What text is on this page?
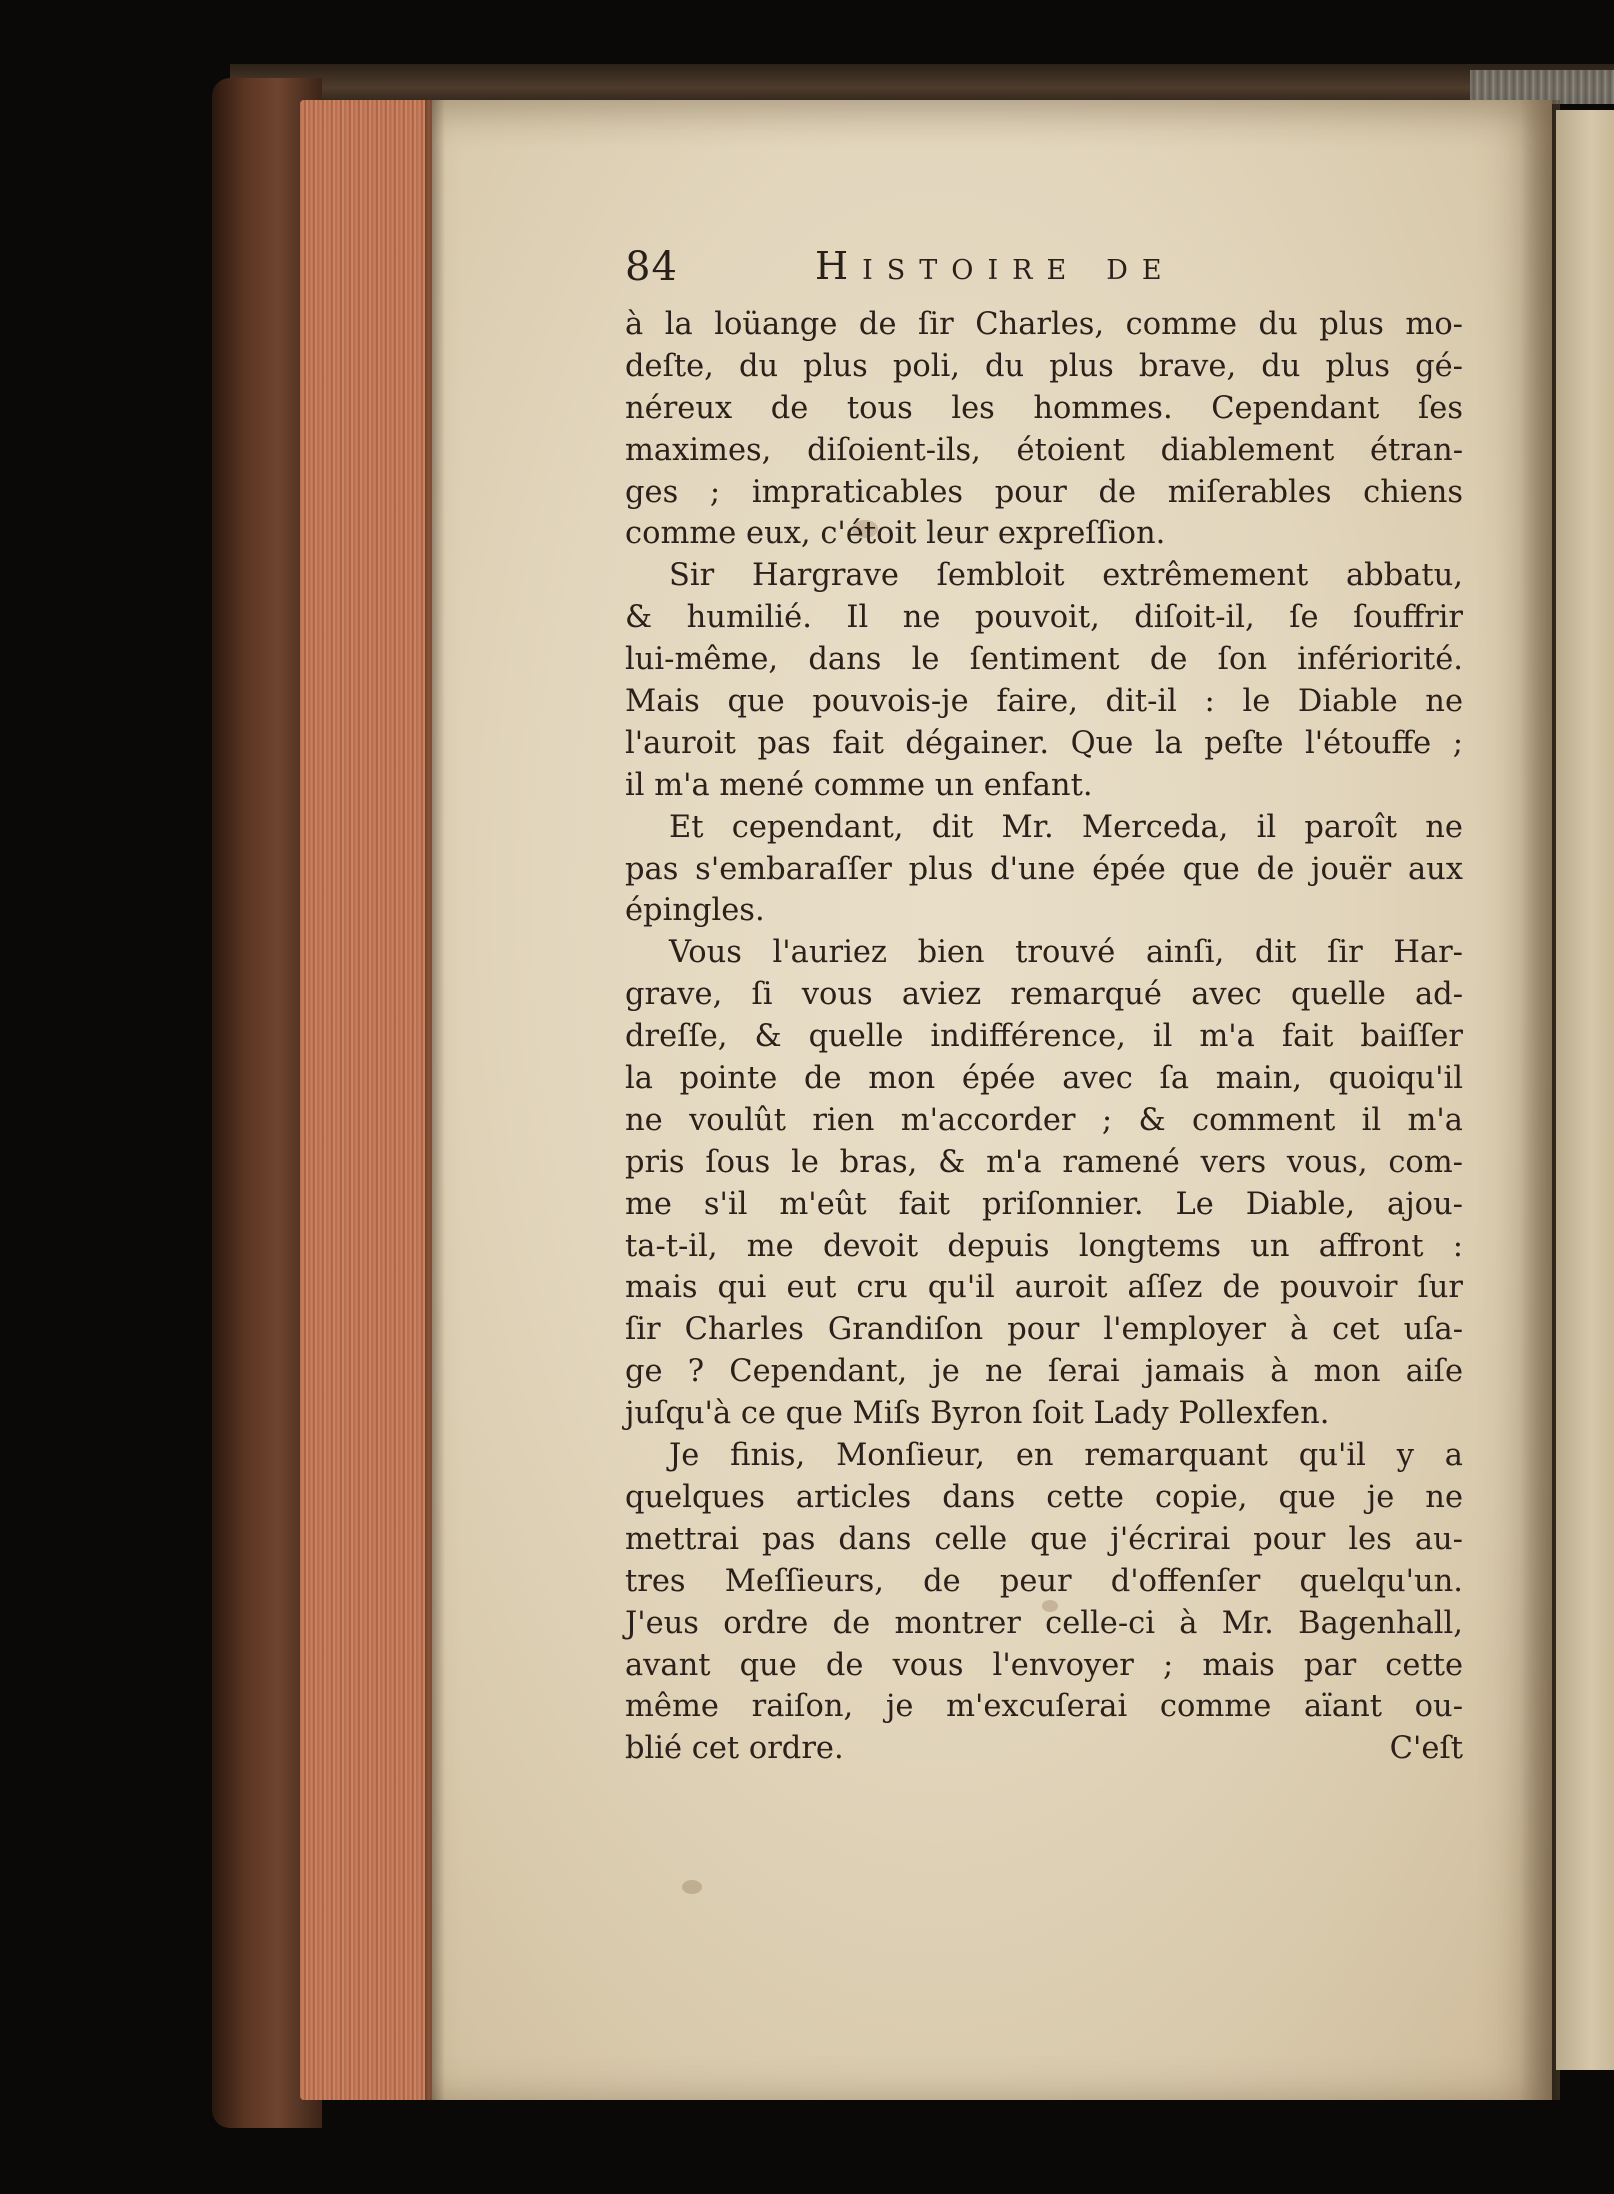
84	Histoire de
à la loüange de ſir Charles, comme du plus mo-
deſte, du plus poli, du plus brave, du plus gé-
néreux de tous les hommes. Cependant ſes
maximes, diſoient-ils, étoient diablement étran-
ges ; impraticables pour de miſerables chiens
comme eux, c'étoit leur expreſſion.
Sir Hargrave ſembloit extrêmement abbatu,
& humilié. Il ne pouvoit, diſoit-il, ſe ſouffrir
lui-même, dans le ſentiment de ſon infériorité.
Mais que pouvois-je faire, dit-il : le Diable ne
l'auroit pas fait dégainer. Que la peſte l'étouffe ;
il m'a mené comme un enfant.
Et cependant, dit Mr. Merceda, il paroît ne
pas s'embaraſſer plus d'une épée que de jouër aux
épingles.
Vous l'auriez bien trouvé ainſi, dit ſir Har-
grave, ſi vous aviez remarqué avec quelle ad-
dreſſe, & quelle indifférence, il m'a fait baiſſer
la pointe de mon épée avec ſa main, quoiqu'il
ne voulût rien m'accorder ; & comment il m'a
pris ſous le bras, & m'a ramené vers vous, com-
me s'il m'eût fait priſonnier. Le Diable, ajou-
ta-t-il, me devoit depuis longtems un affront :
mais qui eut cru qu'il auroit aſſez de pouvoir ſur
ſir Charles Grandiſon pour l'employer à cet uſa-
ge ? Cependant, je ne ſerai jamais à mon aiſe
juſqu'à ce que Miſs Byron ſoit Lady Pollexfen.
Je finis, Monſieur, en remarquant qu'il y a
quelques articles dans cette copie, que je ne
mettrai pas dans celle que j'écrirai pour les au-
tres Meſſieurs, de peur d'offenſer quelqu'un.
J'eus ordre de montrer celle-ci à Mr. Bagenhall,
avant que de vous l'envoyer ; mais par cette
même raiſon, je m'excuſerai comme aïant ou-
blié cet ordre.	C'eſt
